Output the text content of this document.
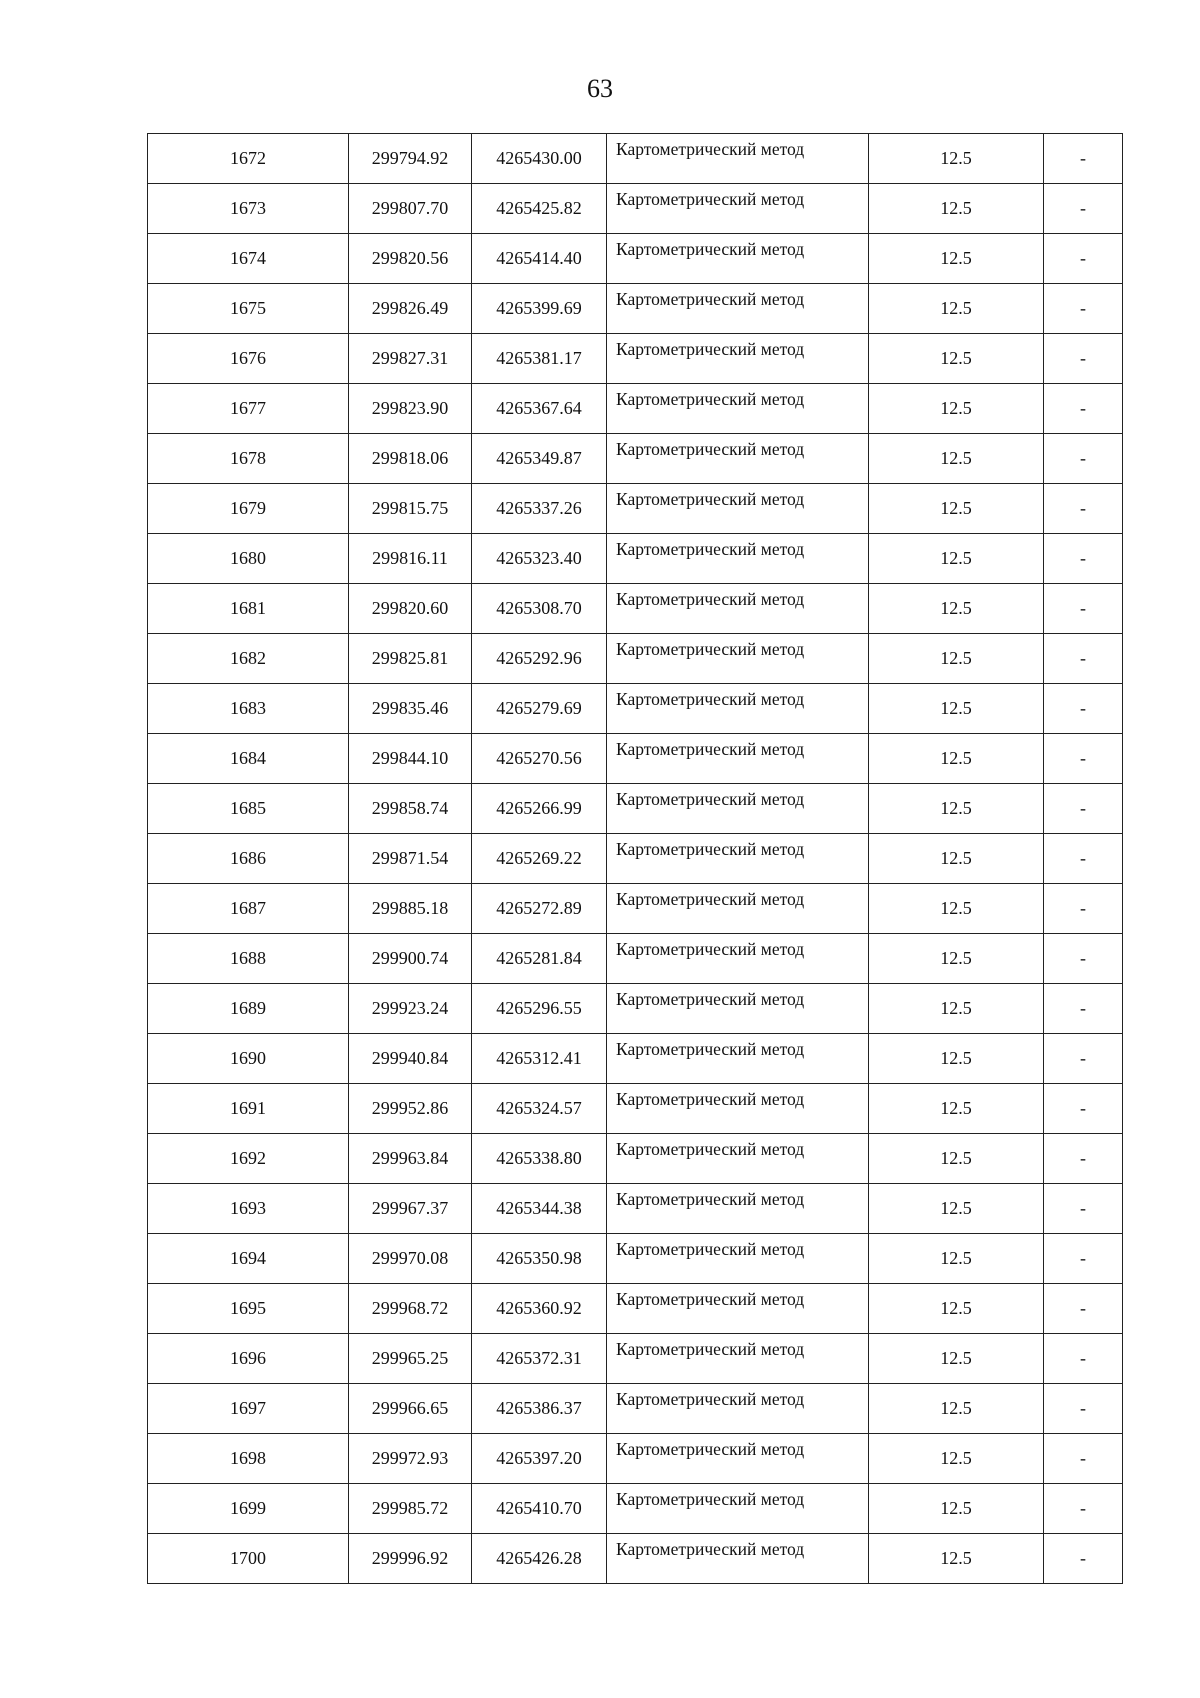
63
1672	299794.92	4265430.00	Картометрический метод	12.5	-
1673	299807.70	4265425.82	Картометрический метод	12.5	-
1674	299820.56	4265414.40	Картометрический метод	12.5	-
1675	299826.49	4265399.69	Картометрический метод	12.5	-
1676	299827.31	4265381.17	Картометрический метод	12.5	-
1677	299823.90	4265367.64	Картометрический метод	12.5	-
1678	299818.06	4265349.87	Картометрический метод	12.5	-
1679	299815.75	4265337.26	Картометрический метод	12.5	-
1680	299816.11	4265323.40	Картометрический метод	12.5	-
1681	299820.60	4265308.70	Картометрический метод	12.5	-
1682	299825.81	4265292.96	Картометрический метод	12.5	-
1683	299835.46	4265279.69	Картометрический метод	12.5	-
1684	299844.10	4265270.56	Картометрический метод	12.5	-
1685	299858.74	4265266.99	Картометрический метод	12.5	-
1686	299871.54	4265269.22	Картометрический метод	12.5	-
1687	299885.18	4265272.89	Картометрический метод	12.5	-
1688	299900.74	4265281.84	Картометрический метод	12.5	-
1689	299923.24	4265296.55	Картометрический метод	12.5	-
1690	299940.84	4265312.41	Картометрический метод	12.5	-
1691	299952.86	4265324.57	Картометрический метод	12.5	-
1692	299963.84	4265338.80	Картометрический метод	12.5	-
1693	299967.37	4265344.38	Картометрический метод	12.5	-
1694	299970.08	4265350.98	Картометрический метод	12.5	-
1695	299968.72	4265360.92	Картометрический метод	12.5	-
1696	299965.25	4265372.31	Картометрический метод	12.5	-
1697	299966.65	4265386.37	Картометрический метод	12.5	-
1698	299972.93	4265397.20	Картометрический метод	12.5	-
1699	299985.72	4265410.70	Картометрический метод	12.5	-
1700	299996.92	4265426.28	Картометрический метод	12.5	-
